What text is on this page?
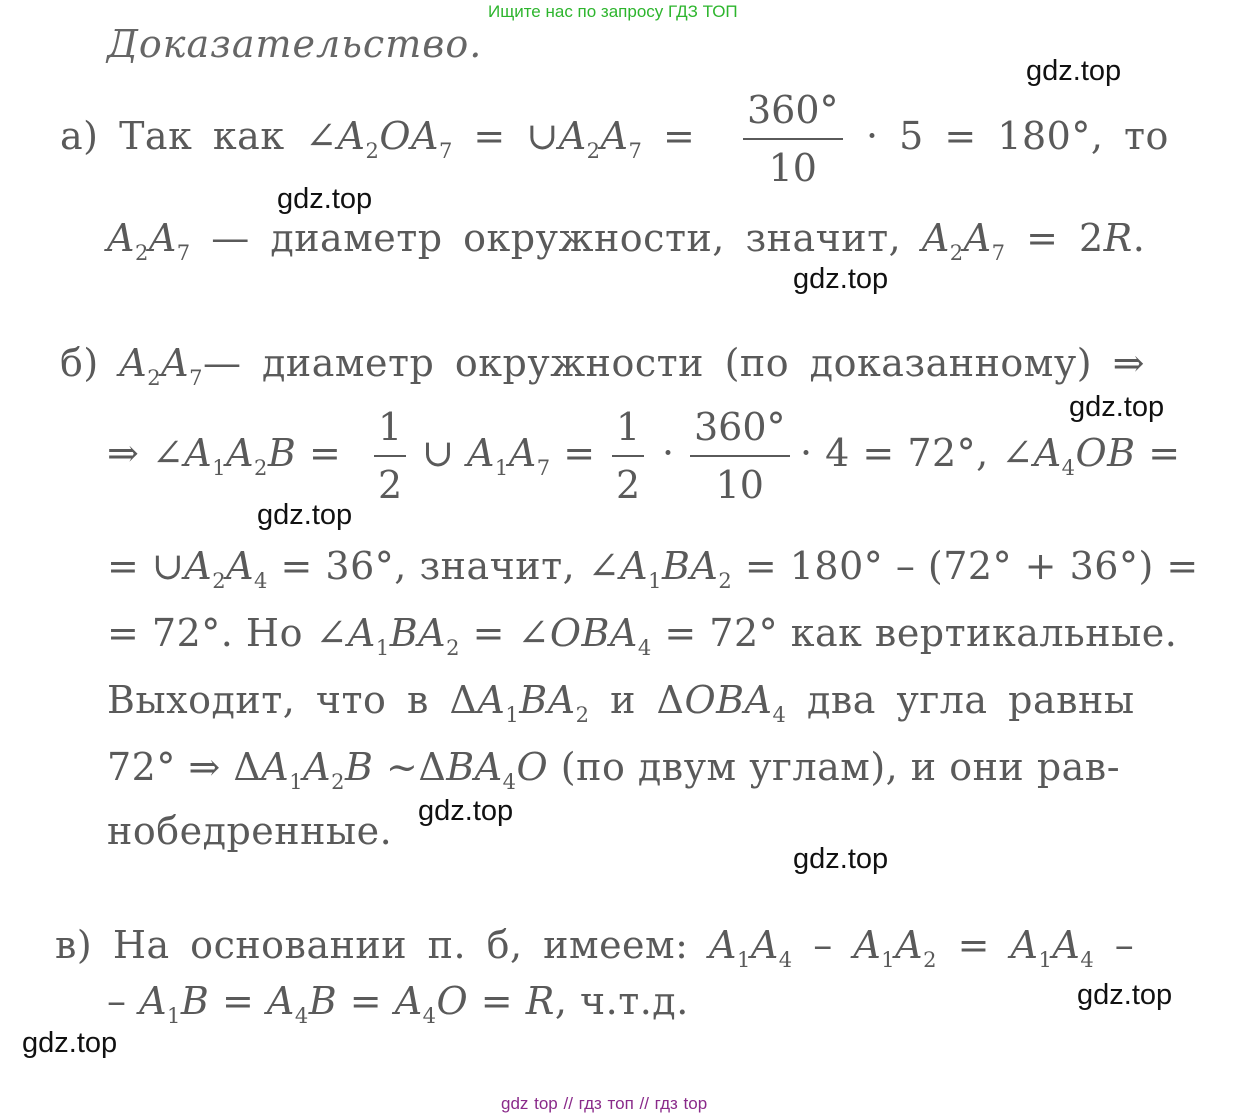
Ищите нас по запросу ГДЗ ТОП
Доказательство.
gdz.top
gdz.top
gdz.top
gdz.top
gdz.top
gdz.top
gdz.top
gdz.top
gdz.top
а) Так как $\angle A_2OA_7$ = $\cup A_2A_7 = \frac{360^\circ}{10} \cdot 5 = 180^\circ$, то
$A_2A_7$ — диаметр окружности, значит, $A_2A_7 = 2R$.
б) $A_2A_7—$ диаметр окружности (по доказанному) ⇒
⇒ $\angle A_1A_2B = \frac{1}{2}$ ∪ $A_1A_7 = \frac{1}{2} \cdot \frac{360^\circ}{10} \cdot 4 = 72^\circ$, $\angle A_4OB$ =
= $\cup A_2A_4 = 36^\circ$, значит, $\angle A_1BA_2 = 180^\circ - (72^\circ + 36^\circ)$ =
= 72°. Но $\angle A_1BA_2$ = $\angle OBA_4 = 72^\circ$ как вертикальные.
Выходит, что в $\Delta A_1BA_2$ и $\Delta OBA_4$ два угла равны
72° ⇒ $\Delta A_1A_2B$ $\sim\Delta BA_4O$ (по двум углам), и они рав-
нобедренные.
в) На основании п. б, имеем: $A_1A_4 - A_1A_2 = A_1A_4$ –
– $A_1B = A_4B = A_4O = R$, ч.т.д.
gdz top // гдз топ // гдз top
